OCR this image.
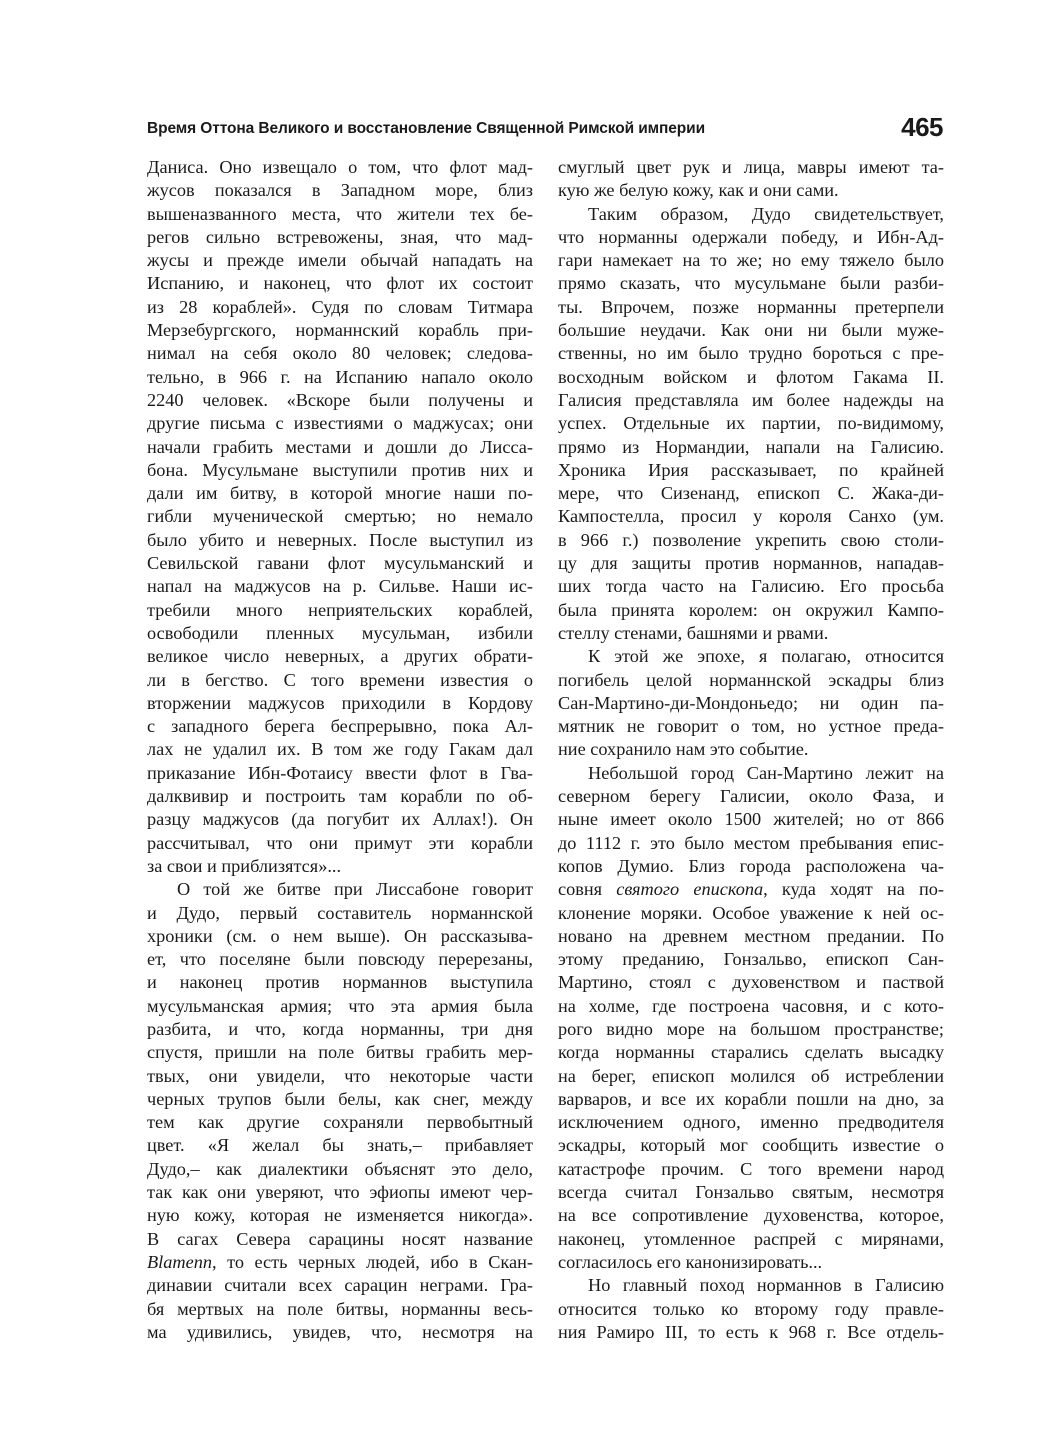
Время Оттона Великого и восстановление Священной Римской империи	465
Даниса. Оно извещало о том, что флот мад-
жусов показался в Западном море, близ
вышеназванного места, что жители тех бе-
регов сильно встревожены, зная, что мад-
жусы и прежде имели обычай нападать на
Испанию, и наконец, что флот их состоит
из 28 кораблей». Судя по словам Титмара
Мерзебургского, норманнский корабль при-
нимал на себя около 80 человек; следова-
тельно, в 966 г. на Испанию напало около
2240 человек. «Вскоре были получены и
другие письма с известиями о маджусах; они
начали грабить местами и дошли до Лисса-
бона. Мусульмане выступили против них и
дали им битву, в которой многие наши по-
гибли мученической смертью; но немало
было убито и неверных. После выступил из
Севильской гавани флот мусульманский и
напал на маджусов на р. Сильве. Наши ис-
требили много неприятельских кораблей,
освободили пленных мусульман, избили
великое число неверных, а других обрати-
ли в бегство. С того времени известия о
вторжении маджусов приходили в Кордову
с западного берега беспрерывно, пока Ал-
лах не удалил их. В том же году Гакам дал
приказание Ибн-Фотаису ввести флот в Гва-
далквивир и построить там корабли по об-
разцу маджусов (да погубит их Аллах!). Он
рассчитывал, что они примут эти корабли
за свои и приблизятся»...
О той же битве при Лиссабоне говорит
и Дудо, первый составитель норманнской
хроники (см. о нем выше). Он рассказыва-
ет, что поселяне были повсюду перерезаны,
и наконец против норманнов выступила
мусульманская армия; что эта армия была
разбита, и что, когда норманны, три дня
спустя, пришли на поле битвы грабить мер-
твых, они увидели, что некоторые части
черных трупов были белы, как снег, между
тем как другие сохраняли первобытный
цвет. «Я желал бы знать,– прибавляет
Дудо,– как диалектики объяснят это дело,
так как они уверяют, что эфиопы имеют чер-
ную кожу, которая не изменяется никогда».
В сагах Севера сарацины носят название
Blamenn, то есть черных людей, ибо в Скан-
динавии считали всех сарацин неграми. Гра-
бя мертвых на поле битвы, норманны весь-
ма удивились, увидев, что, несмотря на
смуглый цвет рук и лица, мавры имеют та-
кую же белую кожу, как и они сами.
Таким образом, Дудо свидетельствует,
что норманны одержали победу, и Ибн-Ад-
гари намекает на то же; но ему тяжело было
прямо сказать, что мусульмане были разби-
ты. Впрочем, позже норманны претерпели
большие неудачи. Как они ни были муже-
ственны, но им было трудно бороться с пре-
восходным войском и флотом Гакама II.
Галисия представляла им более надежды на
успех. Отдельные их партии, по-видимому,
прямо из Нормандии, напали на Галисию.
Хроника Ирия рассказывает, по крайней
мере, что Сизенанд, епископ С. Жака-ди-
Кампостелла, просил у короля Санхо (ум.
в 966 г.) позволение укрепить свою столи-
цу для защиты против норманнов, нападав-
ших тогда часто на Галисию. Его просьба
была принята королем: он окружил Кампо-
стеллу стенами, башнями и рвами.
К этой же эпохе, я полагаю, относится
погибель целой норманнской эскадры близ
Сан-Мартино-ди-Мондоньедо; ни один па-
мятник не говорит о том, но устное преда-
ние сохранило нам это событие.
Небольшой город Сан-Мартино лежит на
северном берегу Галисии, около Фаза, и
ныне имеет около 1500 жителей; но от 866
до 1112 г. это было местом пребывания епис-
копов Думио. Близ города расположена ча-
совня святого епископа, куда ходят на по-
клонение моряки. Особое уважение к ней ос-
новано на древнем местном предании. По
этому преданию, Гонзальво, епископ Сан-
Мартино, стоял с духовенством и паствой
на холме, где построена часовня, и с кото-
рого видно море на большом пространстве;
когда норманны старались сделать высадку
на берег, епископ молился об истреблении
варваров, и все их корабли пошли на дно, за
исключением одного, именно предводителя
эскадры, который мог сообщить известие о
катастрофе прочим. С того времени народ
всегда считал Гонзальво святым, несмотря
на все сопротивление духовенства, которое,
наконец, утомленное распрей с мирянами,
согласилось его канонизировать...
Но главный поход норманнов в Галисию
относится только ко второму году правле-
ния Рамиро III, то есть к 968 г. Все отдель-
